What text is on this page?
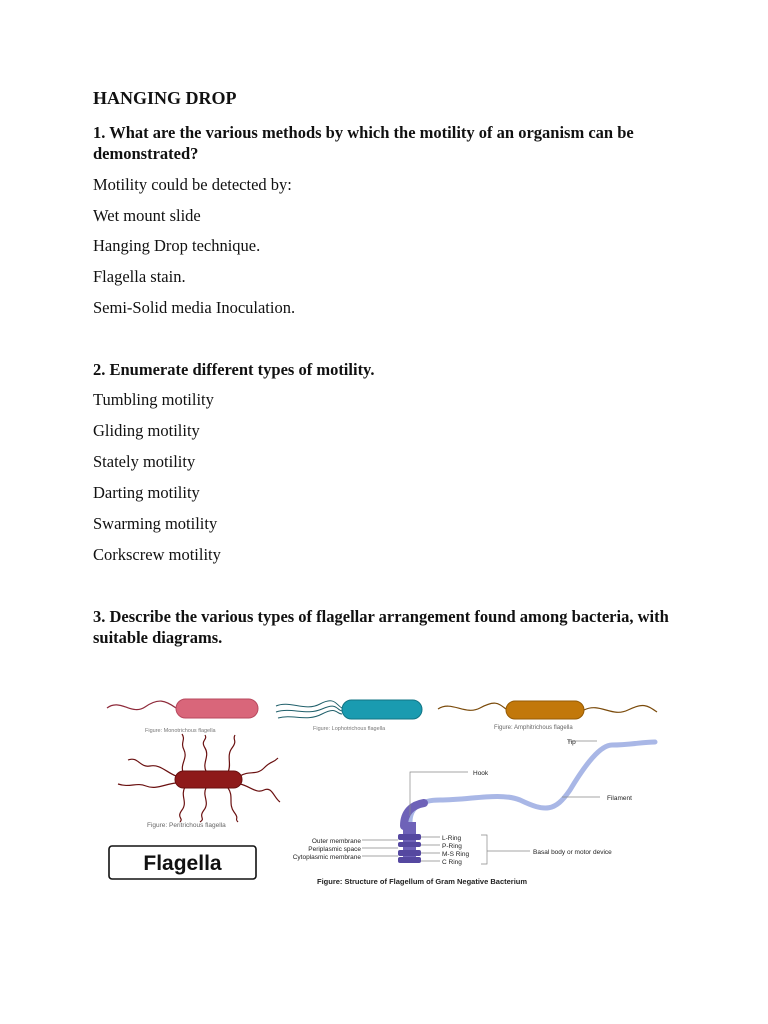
HANGING DROP

1. What are the various methods by which the motility of an organism can be demonstrated?

Motility could be detected by:

Wet mount slide

Hanging Drop technique.

Flagella stain.

Semi-Solid media Inoculation.

2. Enumerate different types of motility.

Tumbling motility

Gliding motility

Stately motility

Darting motility

Swarming motility

Corkscrew motility

3. Describe the various types of flagellar arrangement found among bacteria, with suitable diagrams.

Figure: Monotrichous flagella	Figure: Lophotrichous flagella	Figure: Amphitrichous flagella
Figure: Peritrichous flagella
Flagella
Tip
Hook
Filament
Outer membrane
Periplasmic space
Cytoplasmic membrane
L-Ring
P-Ring
M-S Ring
C Ring
Basal body or motor device
Figure: Structure of Flagellum of Gram Negative Bacterium
